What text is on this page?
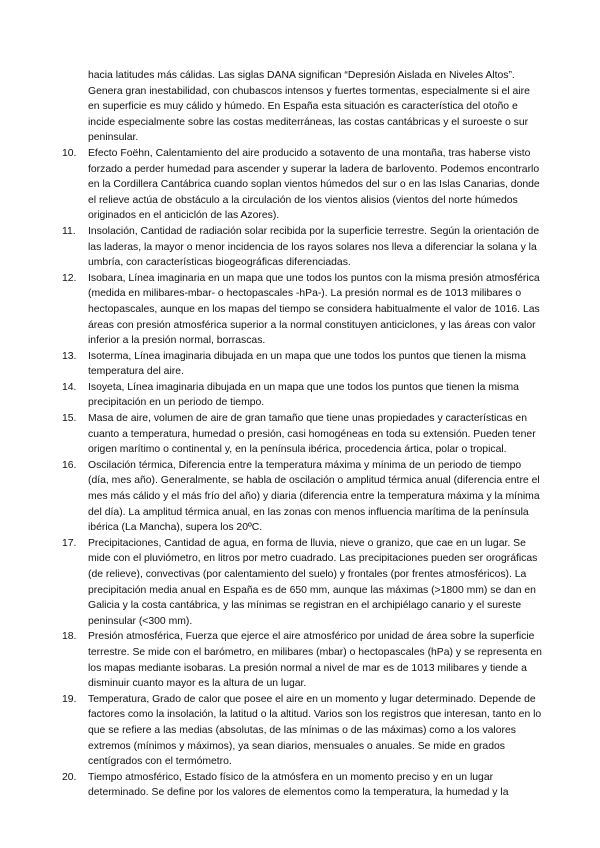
hacia latitudes más cálidas. Las siglas DANA significan “Depresión Aislada en Niveles Altos”. Genera gran inestabilidad, con chubascos intensos y fuertes tormentas, especialmente si el aire en superficie es muy cálido y húmedo. En España esta situación es característica del otoño e incide especialmente sobre las costas mediterráneas, las costas cantábricas y el suroeste o sur peninsular.

10.	Efecto Foëhn, Calentamiento del aire producido a sotavento de una montaña, tras haberse visto forzado a perder humedad para ascender y superar la ladera de barlovento. Podemos encontrarlo en la Cordillera Cantábrica cuando soplan vientos húmedos del sur o en las Islas Canarias, donde el relieve actúa de obstáculo a la circulación de los vientos alisios (vientos del norte húmedos originados en el anticiclón de las Azores).
11.	Insolación, Cantidad de radiación solar recibida por la superficie terrestre. Según la orientación de las laderas, la mayor o menor incidencia de los rayos solares nos lleva a diferenciar la solana y la umbría, con características biogeográficas diferenciadas.
12.	Isobara, Línea imaginaria en un mapa que une todos los puntos con la misma presión atmosférica (medida en milibares-mbar- o hectopascales -hPa-). La presión normal es de 1013 milibares o hectopascales, aunque en los mapas del tiempo se considera habitualmente el valor de 1016. Las áreas con presión atmosférica superior a la normal constituyen anticiclones, y las áreas con valor inferior a la presión normal, borrascas.
13.	Isoterma, Línea imaginaria dibujada en un mapa que une todos los puntos que tienen la misma temperatura del aire.
14.	Isoyeta, Línea imaginaria dibujada en un mapa que une todos los puntos que tienen la misma precipitación en un periodo de tiempo.
15.	Masa de aire, volumen de aire de gran tamaño que tiene unas propiedades y características en cuanto a temperatura, humedad o presión, casi homogéneas en toda su extensión. Pueden tener origen marítimo o continental y, en la península ibérica, procedencia ártica, polar o tropical.
16.	Oscilación térmica, Diferencia entre la temperatura máxima y mínima de un periodo de tiempo (día, mes año). Generalmente, se habla de oscilación o amplitud térmica anual (diferencia entre el mes más cálido y el más frío del año) y diaria (diferencia entre la temperatura máxima y la mínima del día). La amplitud térmica anual, en las zonas con menos influencia marítima de la península ibérica (La Mancha), supera los 20ºC.
17.	Precipitaciones, Cantidad de agua, en forma de lluvia, nieve o granizo, que cae en un lugar. Se mide con el pluviómetro, en litros por metro cuadrado. Las precipitaciones pueden ser orográficas (de relieve), convectivas (por calentamiento del suelo) y frontales (por frentes atmosféricos). La precipitación media anual en España es de 650 mm, aunque las máximas (>1800 mm) se dan en Galicia y la costa cantábrica, y las mínimas se registran en el archipiélago canario y el sureste peninsular (<300 mm).
18.	Presión atmosférica, Fuerza que ejerce el aire atmosférico por unidad de área sobre la superficie terrestre. Se mide con el barómetro, en milibares (mbar) o hectopascales (hPa) y se representa en los mapas mediante isobaras. La presión normal a nivel de mar es de 1013 milibares y tiende a disminuir cuanto mayor es la altura de un lugar.
19.	Temperatura, Grado de calor que posee el aire en un momento y lugar determinado. Depende de factores como la insolación, la latitud o la altitud. Varios son los registros que interesan, tanto en lo que se refiere a las medias (absolutas, de las mínimas o de las máximas) como a los valores extremos (mínimos y máximos), ya sean diarios, mensuales o anuales. Se mide en grados centígrados con el termómetro.
20.	Tiempo atmosférico, Estado físico de la atmósfera en un momento preciso y en un lugar determinado. Se define por los valores de elementos como la temperatura, la humedad y la
